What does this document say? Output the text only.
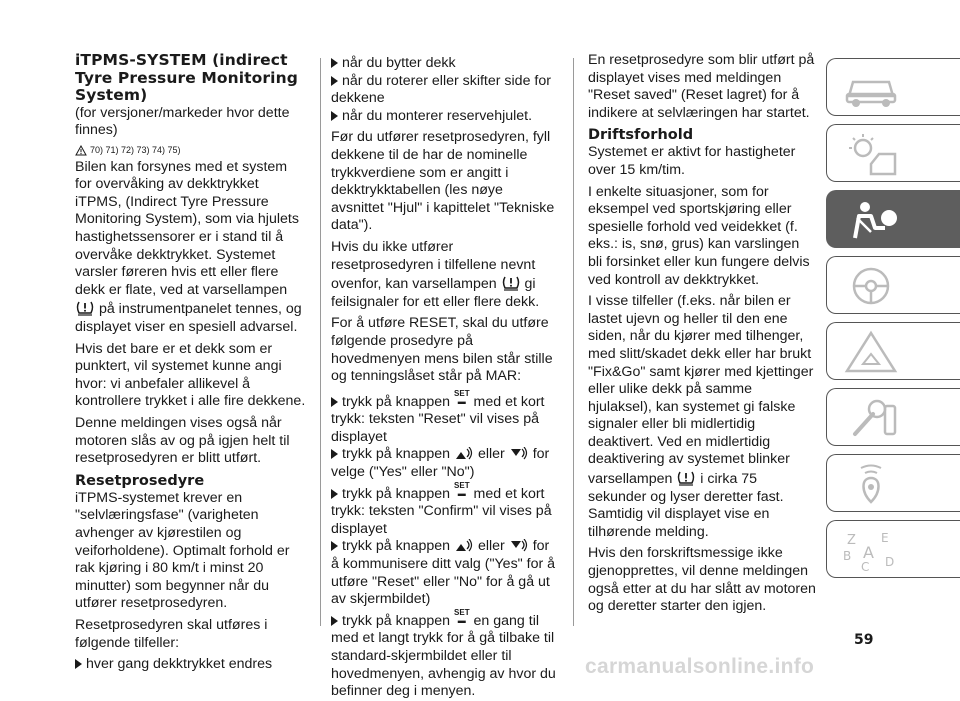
iTPMS-SYSTEM (indirect Tyre Pressure Monitoring System)

(for versjoner/markeder hvor dette finnes)

70) 71) 72) 73) 74) 75)

Bilen kan forsynes med et system for overvåking av dekktrykket iTPMS, (Indirect Tyre Pressure Monitoring System), som via hjulets hastighetssensorer er i stand til å overvåke dekktrykket. Systemet varsler føreren hvis ett eller flere dekk er flate, ved at varsellampen  på instrumentpanelet tennes, og displayet viser en spesiell advarsel.

Hvis det bare er et dekk som er punktert, vil systemet kunne angi hvor: vi anbefaler allikevel å kontrollere trykket i alle fire dekkene.

Denne meldingen vises også når motoren slås av og på igjen helt til resetprosedyren er blitt utført.

Resetprosedyre

iTPMS-systemet krever en "selvlæringsfase" (varigheten avhenger av kjørestilen og veiforholdene). Optimalt forhold er rak kjøring i 80 km/t i minst 20 minutter) som begynner når du utfører resetprosedyren.

Resetprosedyren skal utføres i følgende tilfeller:

hver gang dekktrykket endres
når du bytter dekk
når du roterer eller skifter side for dekkene
når du monterer reservehjulet.

Før du utfører resetprosedyren, fyll dekkene til de har de nominelle trykkverdiene som er angitt i dekktrykktabellen (les nøye avsnittet "Hjul" i kapittelet "Tekniske data").

Hvis du ikke utfører resetprosedyren i tilfellene nevnt ovenfor, kan varsellampen gi feilsignaler for ett eller flere dekk.

For å utføre RESET, skal du utføre følgende prosedyre på hovedmenyen mens bilen står stille og tenningslåset står på MAR:

trykk på knappen SET
▬ med et kort trykk: teksten "Reset" vil vises på displayet
trykk på knappen eller for velge ("Yes" eller "No")
trykk på knappen SET
▬ med et kort trykk: teksten "Confirm" vil vises på displayet
trykk på knappen eller for å kommunisere ditt valg ("Yes" for å utføre "Reset" eller "No" for å gå ut av skjermbildet)
trykk på knappen SET
▬ en gang til med et langt trykk for å gå tilbake til standard-skjermbildet eller til hovedmenyen, avhengig av hvor du befinner deg i menyen.

En resetprosedyre som blir utført på displayet vises med meldingen "Reset saved" (Reset lagret) for å indikere at selvlæringen har startet.

Driftsforhold

Systemet er aktivt for hastigheter over 15 km/tim.

I enkelte situasjoner, som for eksempel ved sportskjøring eller spesielle forhold ved veidekket (f. eks.: is, snø, grus) kan varslingen bli forsinket eller kun fungere delvis ved kontroll av dekktrykket.

I visse tilfeller (f.eks. når bilen er lastet ujevn og heller til den ene siden, når du kjører med tilhenger, med slitt/skadet dekk eller har brukt "Fix&Go" samt kjører med kjettinger eller ulike dekk på samme hjulaksel), kan systemet gi falske signaler eller bli midlertidig deaktivert. Ved en midlertidig deaktivering av systemet blinker varsellampen i cirka 75 sekunder og lyser deretter fast. Samtidig vil displayet vise en tilhørende melding.

Hvis den forskriftsmessige ikke gjenopprettes, vil denne meldingen også etter at du har slått av motoren og deretter starter den igjen.

Z E
B A
C D
59
carmanualsonline.info
